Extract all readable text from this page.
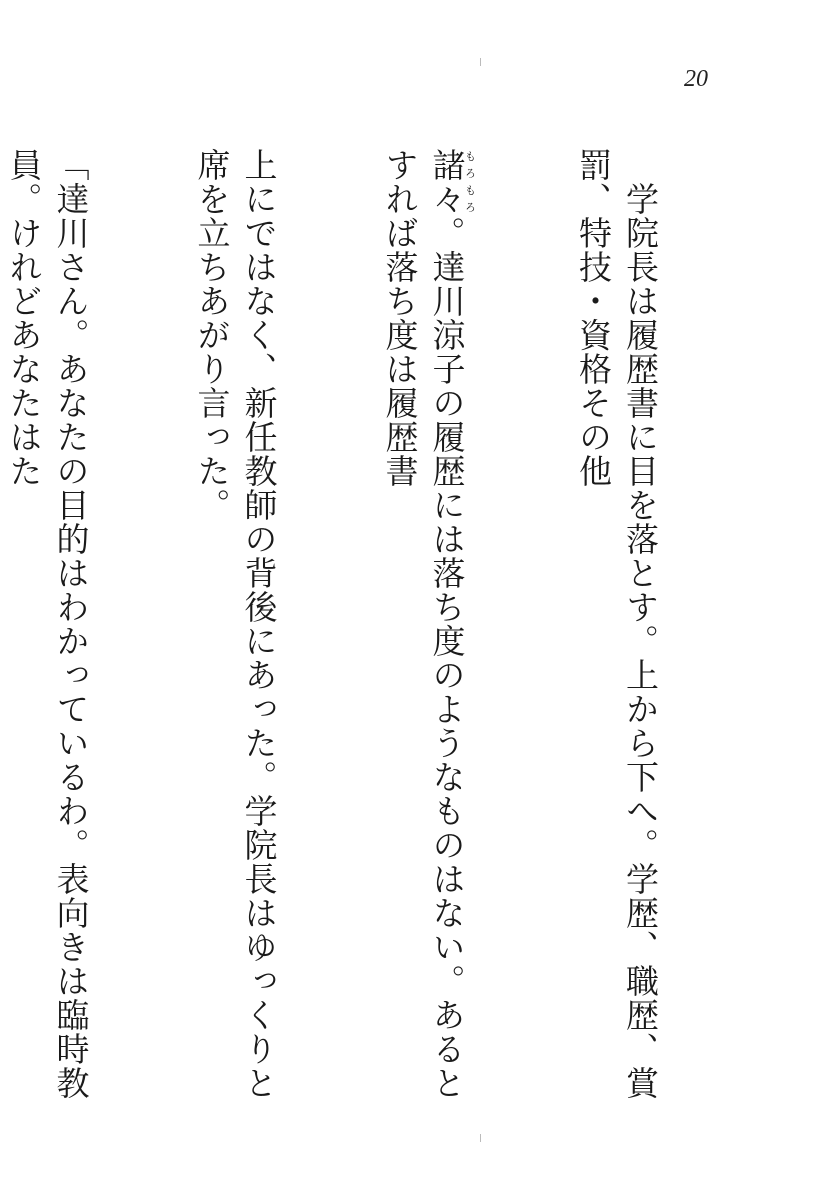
20

　学院長は履歴書に目を落とす。上から下へ。学歴、職歴、賞罰、特技・資格その他

諸々もろもろ。達川涼子の履歴には落ち度のようなものはない。あるとすれば落ち度は履歴書

上にではなく、新任教師の背後にあった。学院長はゆっくりと席を立ちあがり言った。

「達川さん。あなたの目的はわかっているわ。表向きは臨時教員。けれどあなたはた
